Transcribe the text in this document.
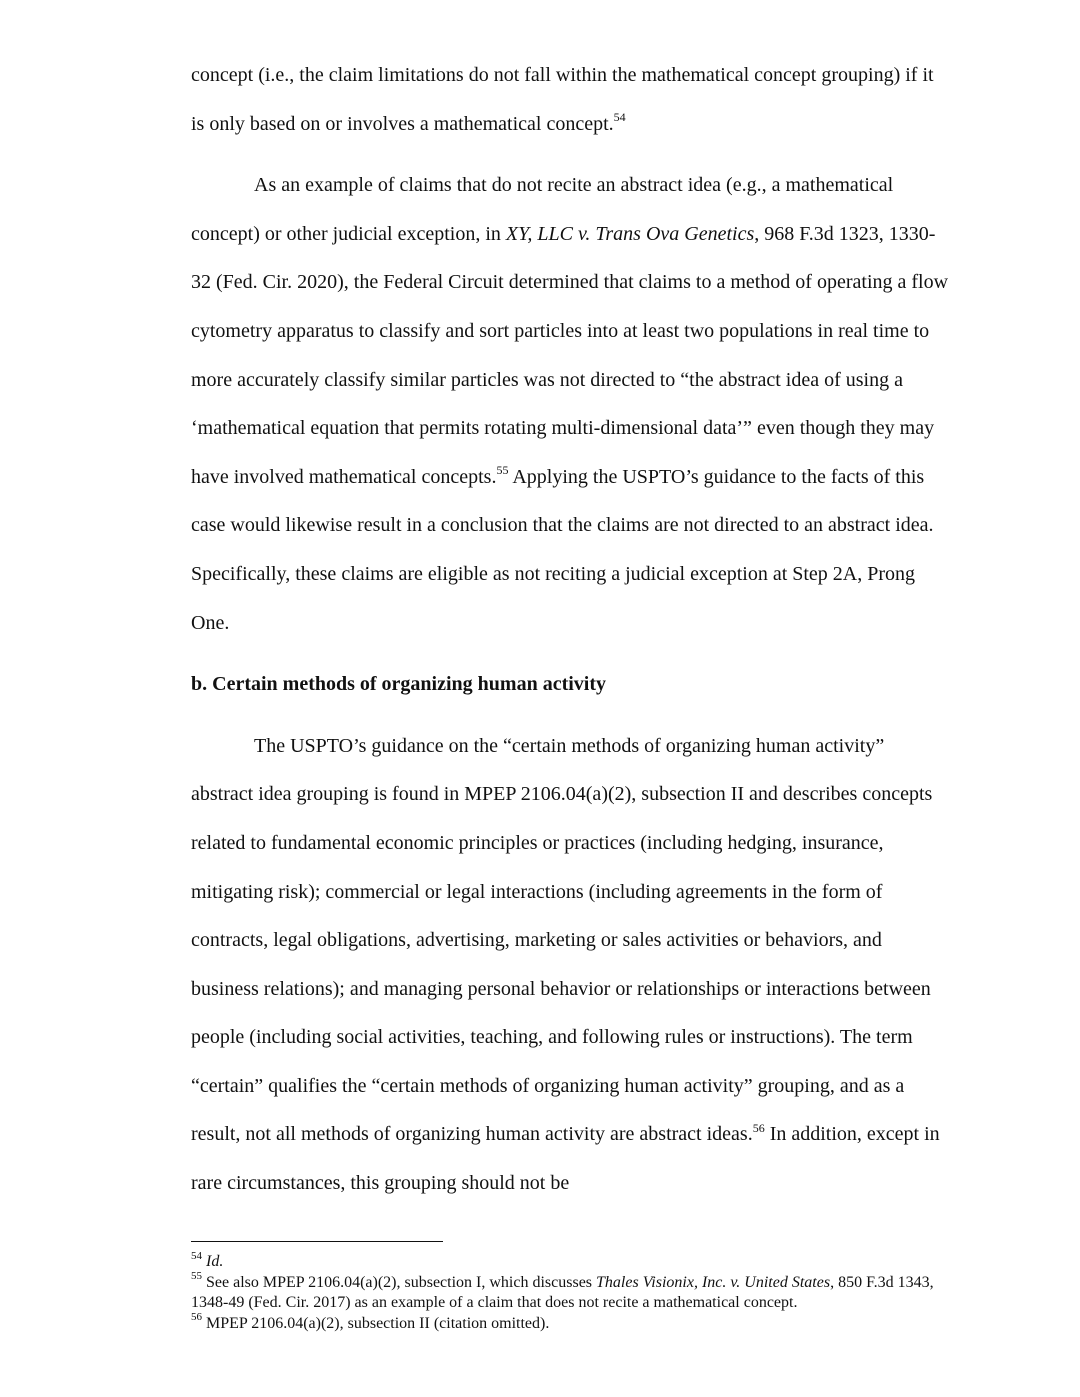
concept (i.e., the claim limitations do not fall within the mathematical concept grouping) if it is only based on or involves a mathematical concept.$^{54}$

As an example of claims that do not recite an abstract idea (e.g., a mathematical concept) or other judicial exception, in XY, LLC v. Trans Ova Genetics, 968 F.3d 1323, 1330-32 (Fed. Cir. 2020), the Federal Circuit determined that claims to a method of operating a flow cytometry apparatus to classify and sort particles into at least two populations in real time to more accurately classify similar particles was not directed to “the abstract idea of using a ‘mathematical equation that permits rotating multi-dimensional data’” even though they may have involved mathematical concepts.$^{55}$ Applying the USPTO’s guidance to the facts of this case would likewise result in a conclusion that the claims are not directed to an abstract idea. Specifically, these claims are eligible as not reciting a judicial exception at Step 2A, Prong One.

b. Certain methods of organizing human activity

The USPTO’s guidance on the “certain methods of organizing human activity” abstract idea grouping is found in MPEP 2106.04(a)(2), subsection II and describes concepts related to fundamental economic principles or practices (including hedging, insurance, mitigating risk); commercial or legal interactions (including agreements in the form of contracts, legal obligations, advertising, marketing or sales activities or behaviors, and business relations); and managing personal behavior or relationships or interactions between people (including social activities, teaching, and following rules or instructions). The term “certain” qualifies the “certain methods of organizing human activity” grouping, and as a result, not all methods of organizing human activity are abstract ideas.$^{56}$ In addition, except in rare circumstances, this grouping should not be

$^{54}$ Id.

$^{55}$ See also MPEP 2106.04(a)(2), subsection I, which discusses Thales Visionix, Inc. v. United States, 850 F.3d 1343, 1348-49 (Fed. Cir. 2017) as an example of a claim that does not recite a mathematical concept.

$^{56}$ MPEP 2106.04(a)(2), subsection II (citation omitted).
